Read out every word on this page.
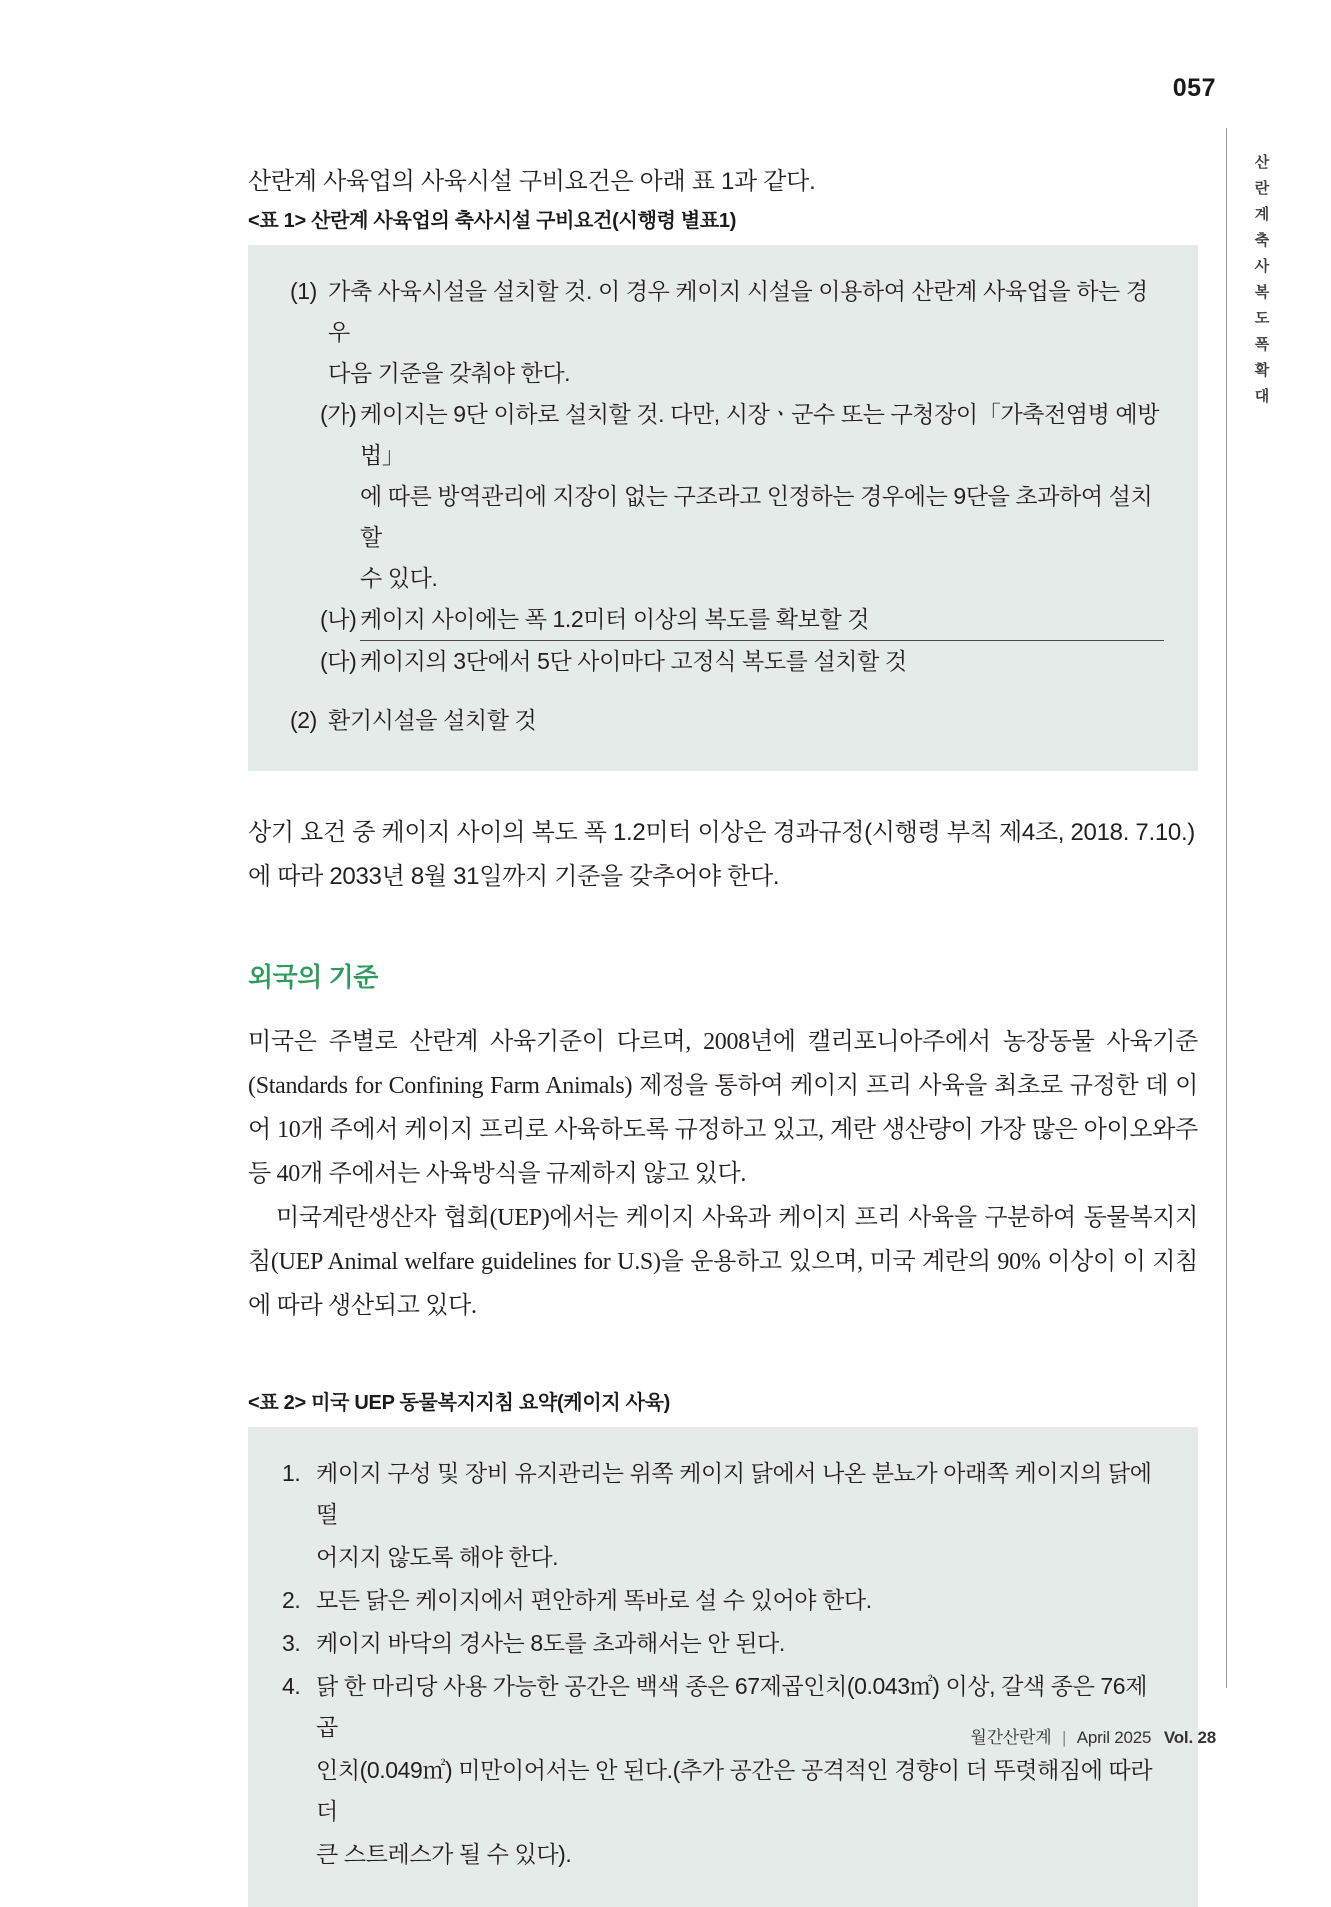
057
산
란
계
축
사
복
도
폭
확
대

산란계 사육업의 사육시설 구비요건은 아래 표 1과 같다.

<표 1> 산란계 사육업의 축사시설 구비요건(시행령 별표1)
(1) 가축 사육시설을 설치할 것. 이 경우 케이지 시설을 이용하여 산란계 사육업을 하는 경우
다음 기준을 갖춰야 한다.
(가) 케이지는 9단 이하로 설치할 것. 다만, 시장ㆍ군수 또는 구청장이「가축전염병 예방법」
에 따른 방역관리에 지장이 없는 구조라고 인정하는 경우에는 9단을 초과하여 설치할
수 있다.
(나) 케이지 사이에는 폭 1.2미터 이상의 복도를 확보할 것
(다) 케이지의 3단에서 5단 사이마다 고정식 복도를 설치할 것
(2) 환기시설을 설치할 것

상기 요건 중 케이지 사이의 복도 폭 1.2미터 이상은 경과규정(시행령 부칙 제4조, 2018. 7.10.)

에 따라 2033년 8월 31일까지 기준을 갖추어야 한다.

외국의 기준

미국은 주별로 산란계 사육기준이 다르며, 2008년에 캘리포니아주에서 농장동물 사육기준(Standards for Confining Farm Animals) 제정을 통하여 케이지 프리 사육을 최초로 규정한 데 이어 10개 주에서 케이지 프리로 사육하도록 규정하고 있고, 계란 생산량이 가장 많은 아이오와주 등 40개 주에서는 사육방식을 규제하지 않고 있다.

미국계란생산자 협회(UEP)에서는 케이지 사육과 케이지 프리 사육을 구분하여 동물복지지침(UEP Animal welfare guidelines for U.S)을 운용하고 있으며, 미국 계란의 90% 이상이 이 지침에 따라 생산되고 있다.

<표 2> 미국 UEP 동물복지지침 요약(케이지 사육)
1. 케이지 구성 및 장비 유지관리는 위쪽 케이지 닭에서 나온 분뇨가 아래쪽 케이지의 닭에 떨
어지지 않도록 해야 한다.
2. 모든 닭은 케이지에서 편안하게 똑바로 설 수 있어야 한다.
3. 케이지 바닥의 경사는 8도를 초과해서는 안 된다.
4. 닭 한 마리당 사용 가능한 공간은 백색 종은 67제곱인치(0.043㎡) 이상, 갈색 종은 76제곱
인치(0.049㎡) 미만이어서는 안 된다.(추가 공간은 공격적인 경향이 더 뚜렷해짐에 따라 더
큰 스트레스가 될 수 있다).
월간산란계 | April 2025 Vol. 28
